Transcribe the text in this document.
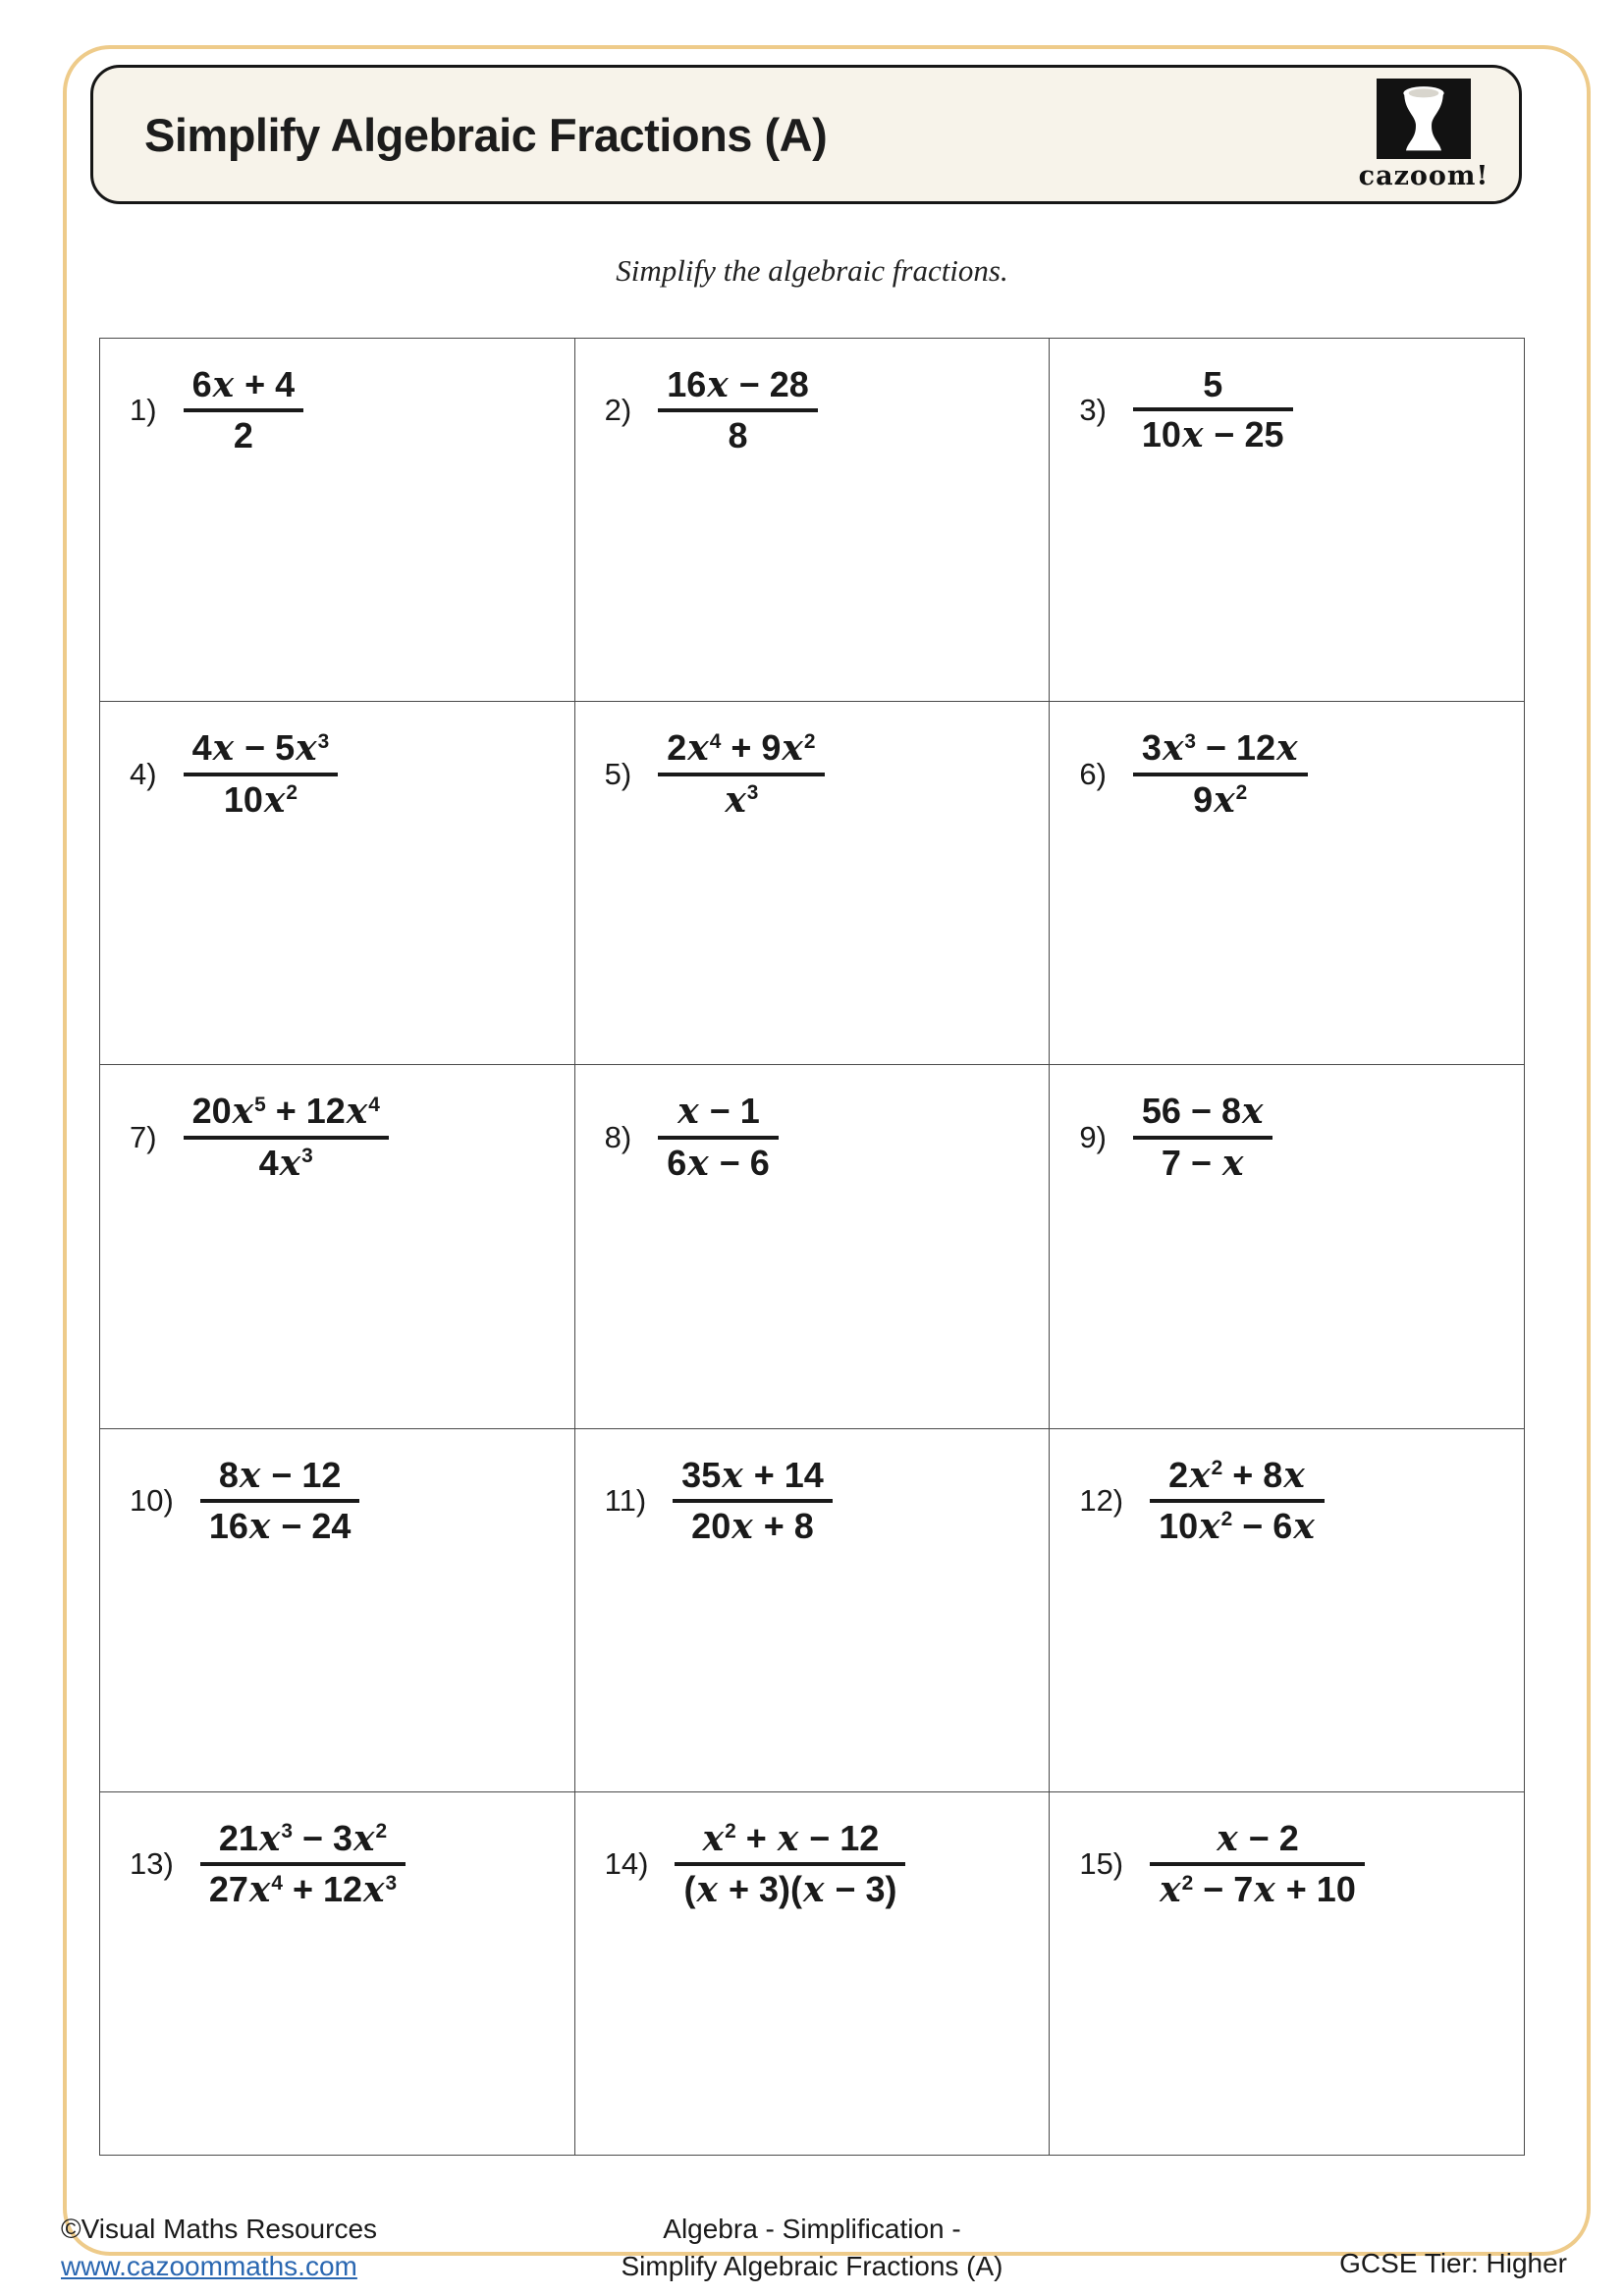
Simplify Algebraic Fractions (A)
cazoom!
Simplify the algebraic fractions.
$1) \frac{6x + 4}{2}$	$2) \frac{16x - 28}{8}$	$3) \frac{5}{10x - 25}$
$4) \frac{4x - 5x^3}{10x^2}$	$5) \frac{2x^4 + 9x^2}{x^3}$	$6) \frac{3x^3 - 12x}{9x^2}$
$7) \frac{20x^5 + 12x^4}{4x^3}$	$8) \frac{x - 1}{6x - 6}$	$9) \frac{56 - 8x}{7 - x}$
$10) \frac{8x - 12}{16x - 24}$	$11) \frac{35x + 14}{20x + 8}$	$12) \frac{2x^2 + 8x}{10x^2 - 6x}$
$13) \frac{21x^3 - 3x^2}{27x^4 + 12x^3}$	$14) \frac{x^2 + x - 12}{(x + 3)(x - 3)}$	$15) \frac{x - 2}{x^2 - 7x + 10}$
©Visual Maths Resources
www.cazoommaths.com
Algebra - Simplification -
Simplify Algebraic Fractions (A)	GCSE Tier: Higher
